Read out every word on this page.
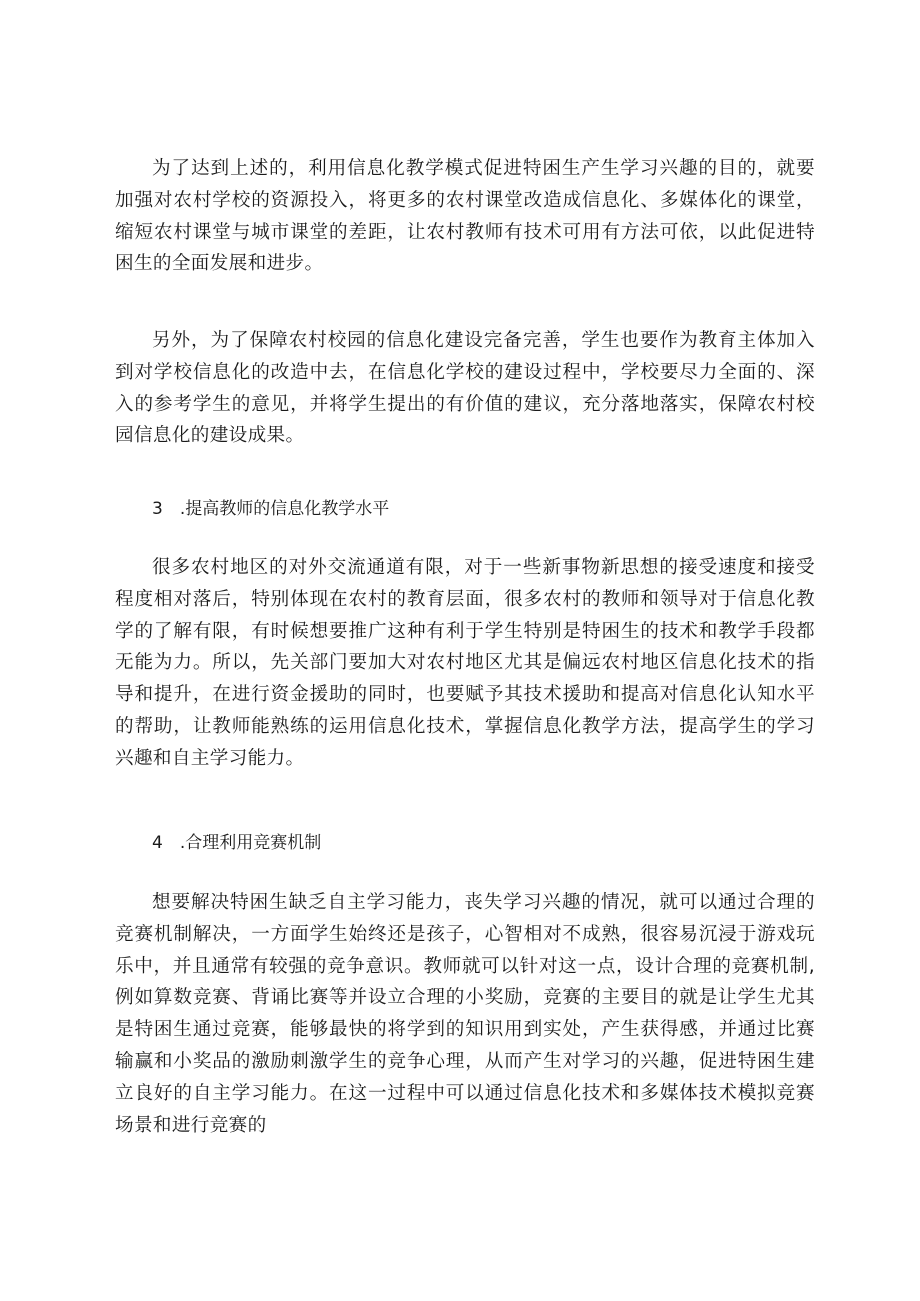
为了达到上述的，利用信息化教学模式促进特困生产生学习兴趣的目的，就要加强对农村学校的资源投入，将更多的农村课堂改造成信息化、多媒体化的课堂，缩短农村课堂与城市课堂的差距，让农村教师有技术可用有方法可依，以此促进特困生的全面发展和进步。

另外，为了保障农村校园的信息化建设完备完善，学生也要作为教育主体加入到对学校信息化的改造中去，在信息化学校的建设过程中，学校要尽力全面的、深入的参考学生的意见，并将学生提出的有价值的建议，充分落地落实，保障农村校园信息化的建设成果。

3　.提高教师的信息化教学水平

很多农村地区的对外交流通道有限，对于一些新事物新思想的接受速度和接受程度相对落后，特别体现在农村的教育层面，很多农村的教师和领导对于信息化教学的了解有限，有时候想要推广这种有利于学生特别是特困生的技术和教学手段都无能为力。所以，先关部门要加大对农村地区尤其是偏远农村地区信息化技术的指导和提升，在进行资金援助的同时，也要赋予其技术援助和提高对信息化认知水平的帮助，让教师能熟练的运用信息化技术，掌握信息化教学方法，提高学生的学习兴趣和自主学习能力。

4　.合理利用竞赛机制

想要解决特困生缺乏自主学习能力，丧失学习兴趣的情况，就可以通过合理的竞赛机制解决，一方面学生始终还是孩子，心智相对不成熟，很容易沉浸于游戏玩乐中，并且通常有较强的竞争意识。教师就可以针对这一点，设计合理的竞赛机制,例如算数竞赛、背诵比赛等并设立合理的小奖励，竞赛的主要目的就是让学生尤其是特困生通过竞赛，能够最快的将学到的知识用到实处，产生获得感，并通过比赛输赢和小奖品的激励刺激学生的竞争心理，从而产生对学习的兴趣，促进特困生建立良好的自主学习能力。在这一过程中可以通过信息化技术和多媒体技术模拟竞赛场景和进行竞赛的
